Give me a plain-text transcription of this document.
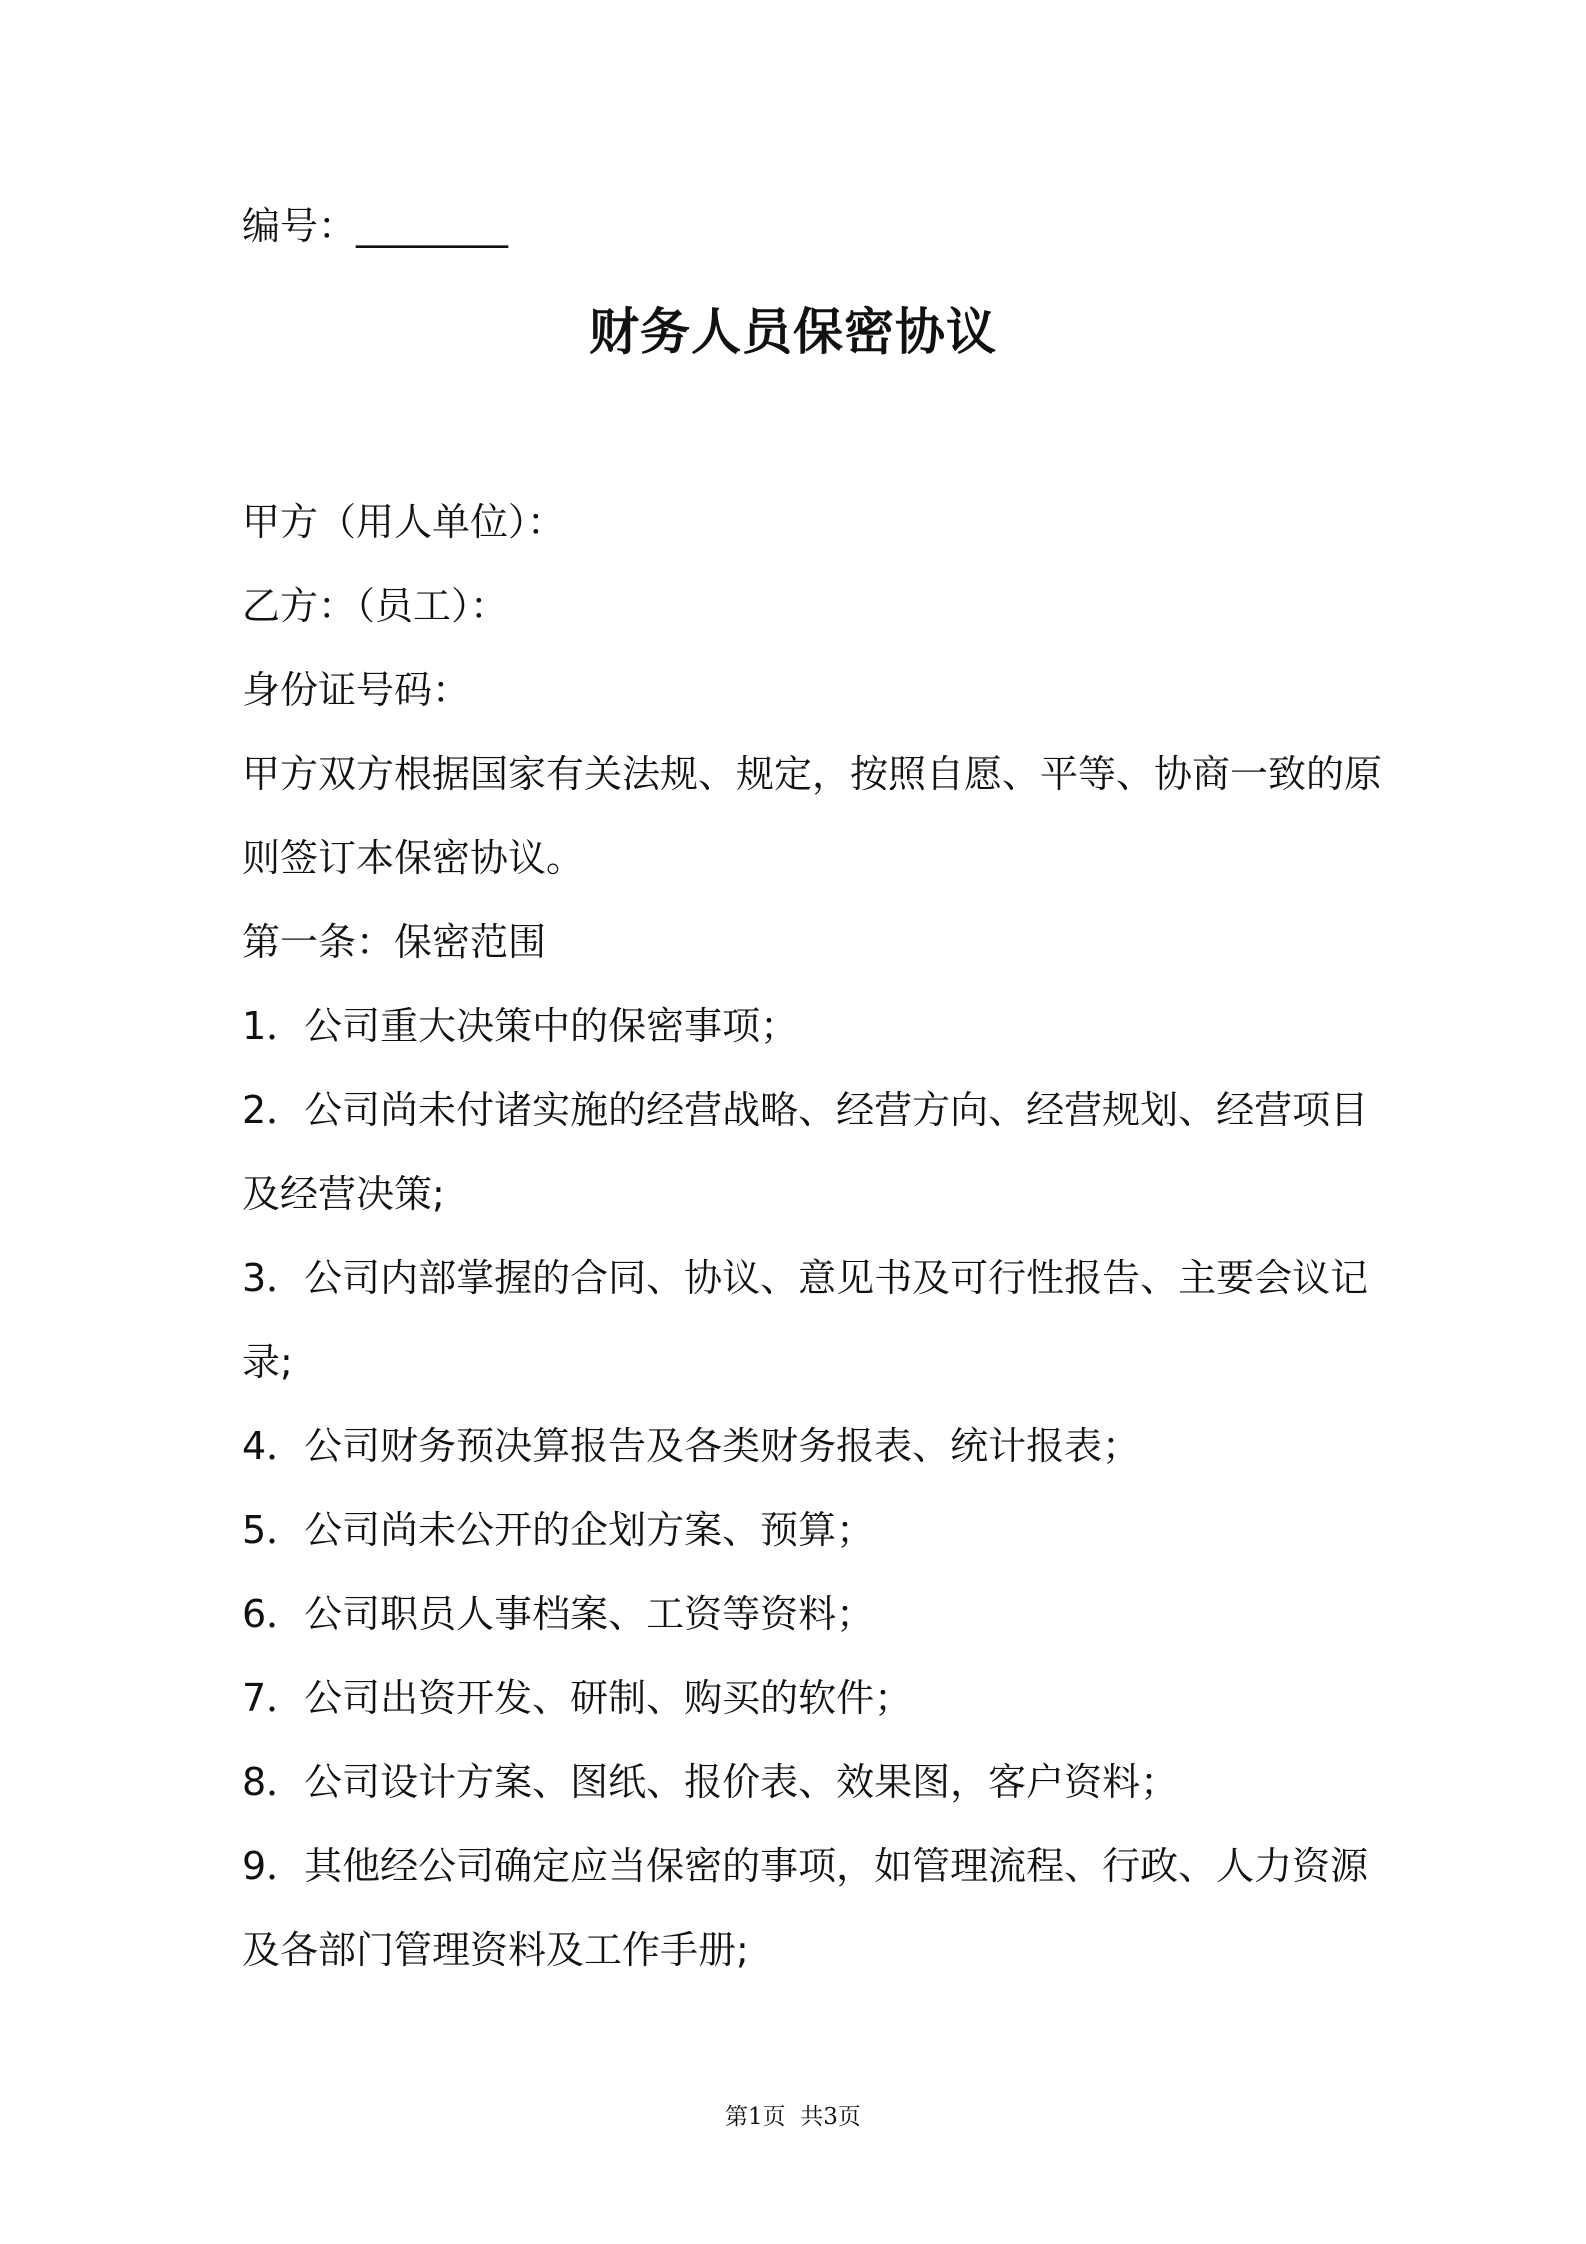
编号：________
财务人员保密协议
甲方（用人单位）：
乙方：（员工）：
身份证号码：
甲方双方根据国家有关法规、规定，按照自愿、平等、协商一致的原
则签订本保密协议。
第一条：保密范围
1．公司重大决策中的保密事项；
2．公司尚未付诸实施的经营战略、经营方向、经营规划、经营项目
及经营决策;
3．公司内部掌握的合同、协议、意见书及可行性报告、主要会议记
录;
4．公司财务预决算报告及各类财务报表、统计报表；
5．公司尚未公开的企划方案、预算；
6．公司职员人事档案、工资等资料；
7．公司出资开发、研制、购买的软件；
8．公司设计方案、图纸、报价表、效果图，客户资料；
9．其他经公司确定应当保密的事项，如管理流程、行政、人力资源
及各部门管理资料及工作手册;
第1页  共3页
